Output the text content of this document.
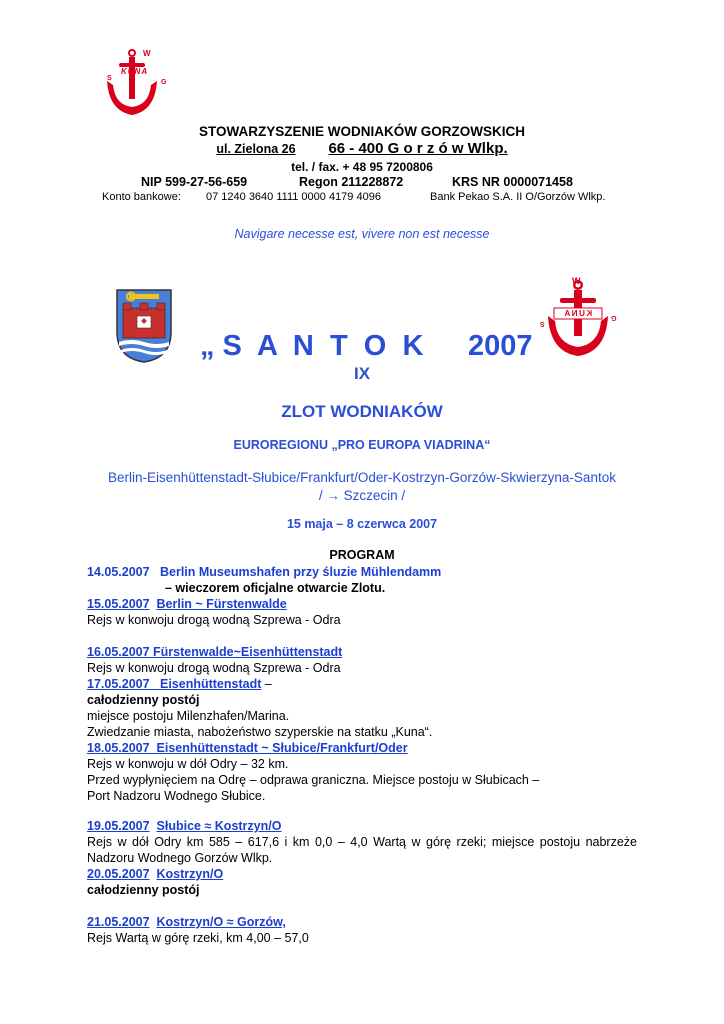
W
KUNA
S
G
STOWARZYSZENIE WODNIAKÓW GORZOWSKICH
ul. Zielona 26 66 - 400 G o r z ó w Wlkp.
tel. / fax. + 48 95 7200806
NIP 599-27-56-659	Regon 211228872	KRS NR 0000071458
Konto bankowe: 07 1240 3640 1111 0000 4179 4096	Bank Pekao S.A. II O/Gorzów Wlkp.
Navigare necesse est, vivere non est necesse
W
KUNA
S
G
„ S  A  N  T  O  K 2007
IX
ZLOT WODNIAKÓW
EUROREGIONU „PRO EUROPA VIADRINA“
Berlin-Eisenhüttenstadt-Słubice/Frankfurt/Oder-Kostrzyn-Gorzów-Skwierzyna-Santok
/ → Szczecin /
15 maja – 8 czerwca 2007
PROGRAM
14.05.2007 Berlin Museumshafen przy śluzie Mühlendamm
– wieczorem oficjalne otwarcie Zlotu.
15.05.2007 Berlin ~ Fürstenwalde
Rejs w konwoju drogą wodną Szprewa - Odra
16.05.2007 Fürstenwalde~Eisenhüttenstadt
Rejs w konwoju drogą wodną Szprewa - Odra
17.05.2007   Eisenhüttenstadt –
całodzienny postój
miejsce postoju Milenzhafen/Marina.
Zwiedzanie miasta, nabożeństwo szyperskie na statku „Kuna“.
18.05.2007  Eisenhüttenstadt ~ Słubice/Frankfurt/Oder
Rejs w konwoju w dół Odry – 32 km.
Przed wypłynięciem na Odrę – odprawa graniczna. Miejsce postoju w Słubicach –
Port Nadzoru Wodnego Słubice.
19.05.2007 Słubice ≈ Kostrzyn/O
Rejs w dół Odry km 585 – 617,6 i km 0,0 – 4,0 Wartą w górę rzeki; miejsce postoju nabrzeże Nadzoru Wodnego Gorzów Wlkp.
20.05.2007 Kostrzyn/O
całodzienny postój
21.05.2007 Kostrzyn/O ≈ Gorzów,
Rejs Wartą w górę rzeki, km 4,00 – 57,0
